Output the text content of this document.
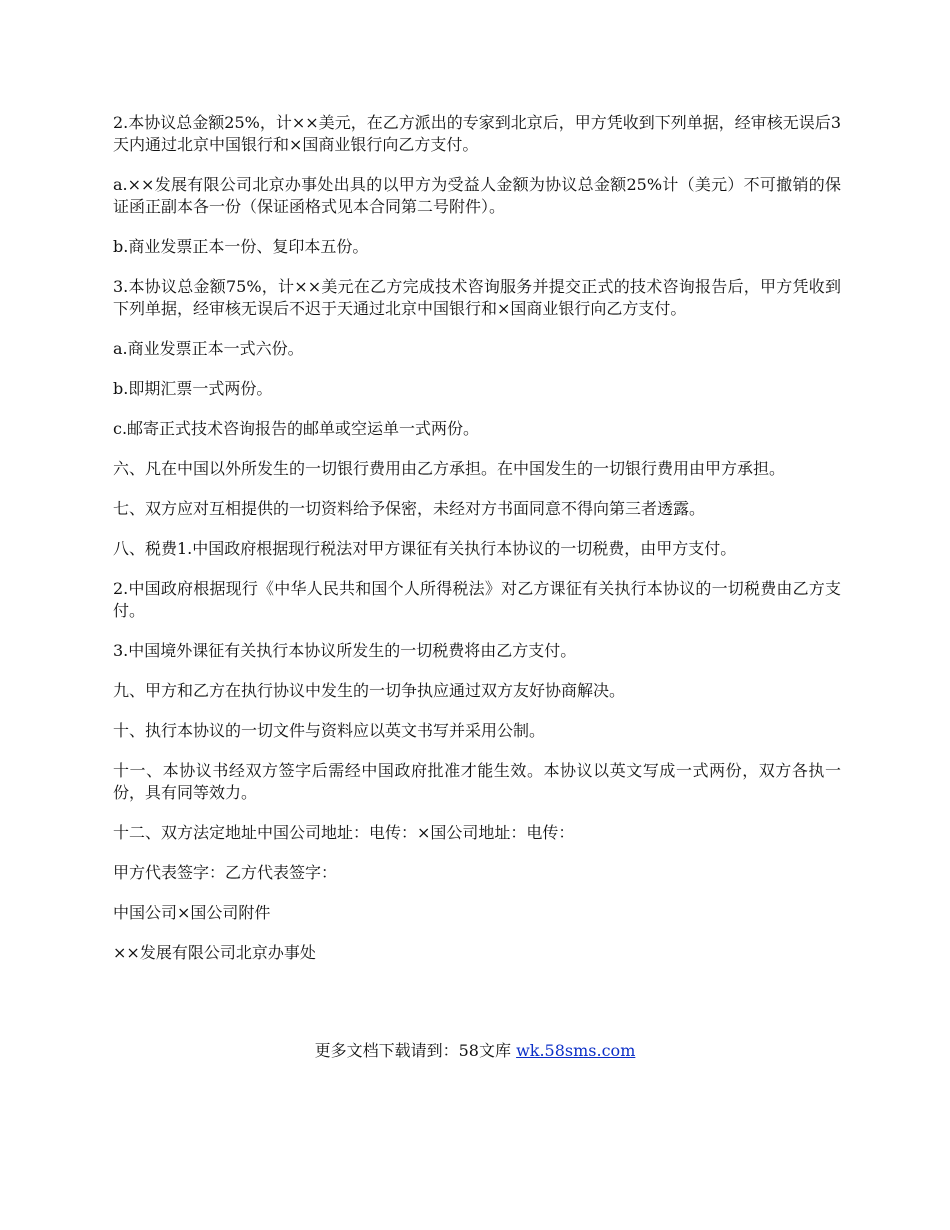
2.本协议总金额25%，计××美元，在乙方派出的专家到北京后，甲方凭收到下列单据，经审核无误后3天内通过北京中国银行和×国商业银行向乙方支付。

a.××发展有限公司北京办事处出具的以甲方为受益人金额为协议总金额25%计（美元）不可撤销的保证函正副本各一份（保证函格式见本合同第二号附件）。

b.商业发票正本一份、复印本五份。

3.本协议总金额75%，计××美元在乙方完成技术咨询服务并提交正式的技术咨询报告后，甲方凭收到下列单据，经审核无误后不迟于天通过北京中国银行和×国商业银行向乙方支付。

a.商业发票正本一式六份。

b.即期汇票一式两份。

c.邮寄正式技术咨询报告的邮单或空运单一式两份。

六、凡在中国以外所发生的一切银行费用由乙方承担。在中国发生的一切银行费用由甲方承担。

七、双方应对互相提供的一切资料给予保密，未经对方书面同意不得向第三者透露。

八、税费1.中国政府根据现行税法对甲方课征有关执行本协议的一切税费，由甲方支付。

2.中国政府根据现行《中华人民共和国个人所得税法》对乙方课征有关执行本协议的一切税费由乙方支付。

3.中国境外课征有关执行本协议所发生的一切税费将由乙方支付。

九、甲方和乙方在执行协议中发生的一切争执应通过双方友好协商解决。

十、执行本协议的一切文件与资料应以英文书写并采用公制。

十一、本协议书经双方签字后需经中国政府批准才能生效。本协议以英文写成一式两份，双方各执一份，具有同等效力。

十二、双方法定地址中国公司地址：电传：×国公司地址：电传：

甲方代表签字：乙方代表签字：

中国公司×国公司附件

××发展有限公司北京办事处

更多文档下载请到：58文库 wk.58sms.com
